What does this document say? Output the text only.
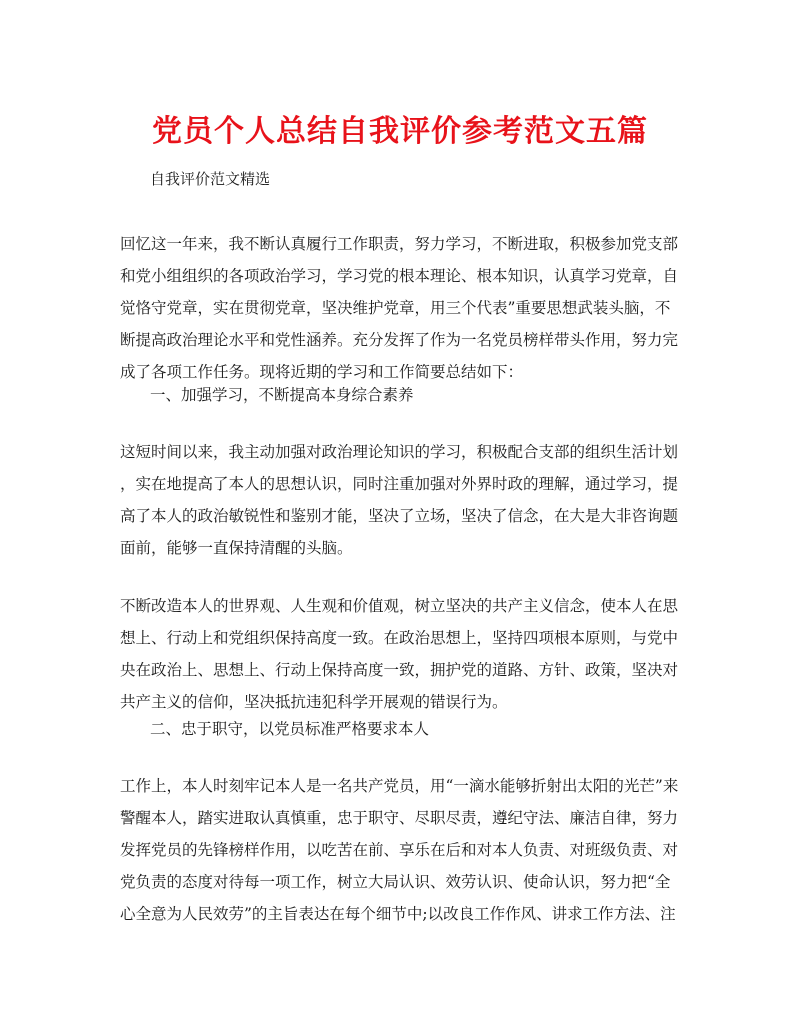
党员个人总结自我评价参考范文五篇

自我评价范文精选

回忆这一年来，我不断认真履行工作职责，努力学习，不断进取，积极参加党支部
和党小组组织的各项政治学习，学习党的根本理论、根本知识，认真学习党章，自
觉恪守党章，实在贯彻党章，坚决维护党章，用三个代表”重要思想武装头脑，不
断提高政治理论水平和党性涵养。充分发挥了作为一名党员榜样带头作用，努力完
成了各项工作任务。现将近期的学习和工作简要总结如下：

一、加强学习，不断提高本身综合素养

这短时间以来，我主动加强对政治理论知识的学习，积极配合支部的组织生活计划
，实在地提高了本人的思想认识，同时注重加强对外界时政的理解，通过学习，提
高了本人的政治敏锐性和鉴别才能，坚决了立场，坚决了信念，在大是大非咨询题
面前，能够一直保持清醒的头脑。
不断改造本人的世界观、人生观和价值观，树立坚决的共产主义信念，使本人在思
想上、行动上和党组织保持高度一致。在政治思想上，坚持四项根本原则，与党中
央在政治上、思想上、行动上保持高度一致，拥护党的道路、方针、政策，坚决对
共产主义的信仰，坚决抵抗违犯科学开展观的错误行为。

二、忠于职守，以党员标准严格要求本人

工作上，本人时刻牢记本人是一名共产党员，用“一滴水能够折射出太阳的光芒”来
警醒本人，踏实进取认真慎重，忠于职守、尽职尽责，遵纪守法、廉洁自律，努力
发挥党员的先锋榜样作用，以吃苦在前、享乐在后和对本人负责、对班级负责、对
党负责的态度对待每一项工作，树立大局认识、效劳认识、使命认识，努力把“全
心全意为人民效劳”的主旨表达在每个细节中;以改良工作作风、讲求工作方法、注
